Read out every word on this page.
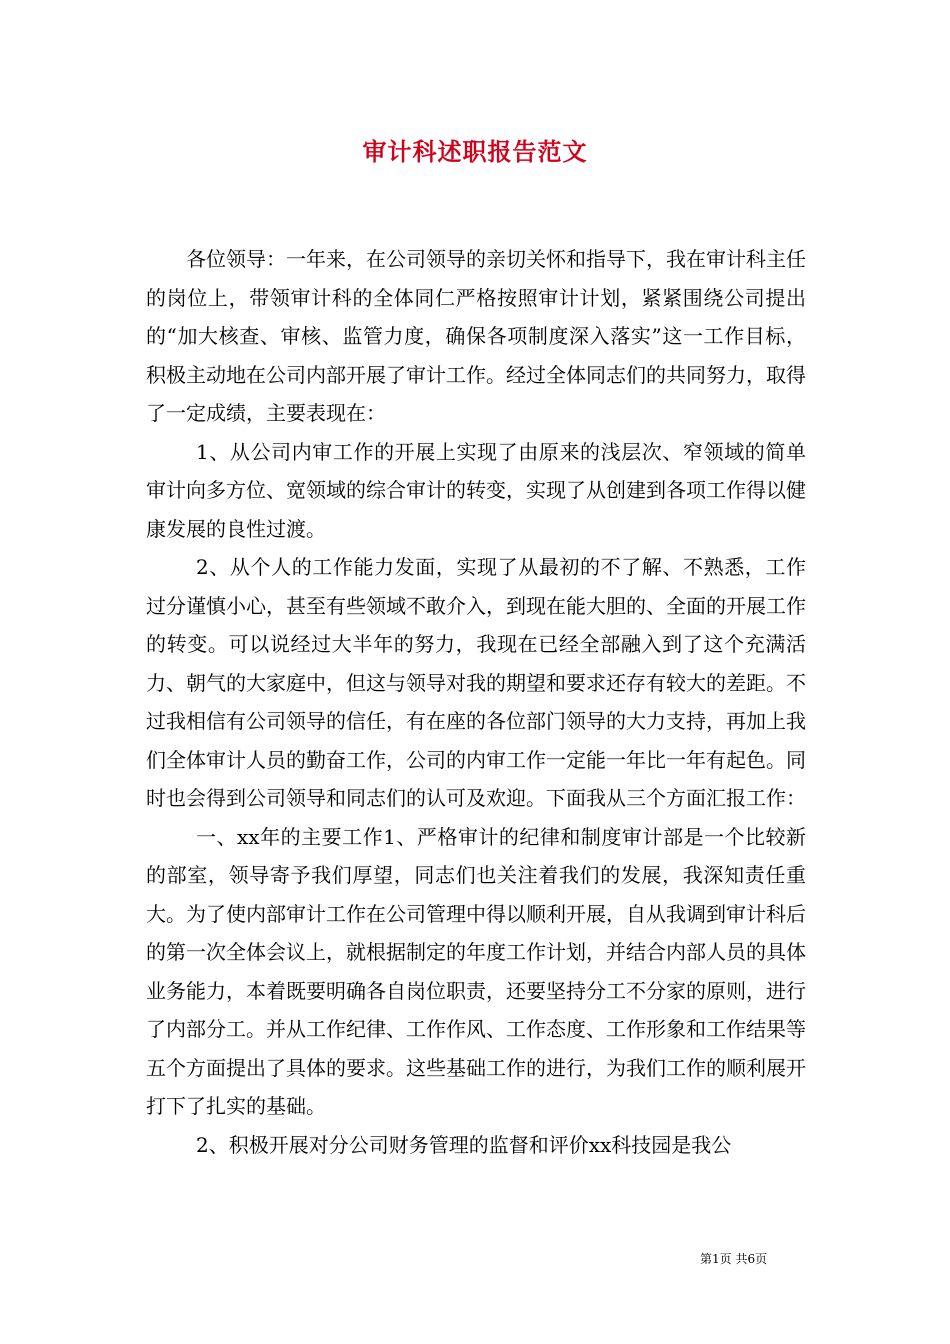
审计科述职报告范文

各位领导：一年来，在公司领导的亲切关怀和指导下，我在审计科主任的岗位上，带领审计科的全体同仁严格按照审计计划，紧紧围绕公司提出的“加大核查、审核、监管力度，确保各项制度深入落实”这一工作目标，积极主动地在公司内部开展了审计工作。经过全体同志们的共同努力，取得了一定成绩，主要表现在：

1、从公司内审工作的开展上实现了由原来的浅层次、窄领域的简单审计向多方位、宽领域的综合审计的转变，实现了从创建到各项工作得以健康发展的良性过渡。

2、从个人的工作能力发面，实现了从最初的不了解、不熟悉，工作过分谨慎小心，甚至有些领域不敢介入，到现在能大胆的、全面的开展工作的转变。可以说经过大半年的努力，我现在已经全部融入到了这个充满活力、朝气的大家庭中，但这与领导对我的期望和要求还存有较大的差距。不过我相信有公司领导的信任，有在座的各位部门领导的大力支持，再加上我们全体审计人员的勤奋工作，公司的内审工作一定能一年比一年有起色。同时也会得到公司领导和同志们的认可及欢迎。下面我从三个方面汇报工作：

一、xx年的主要工作1、严格审计的纪律和制度审计部是一个比较新的部室，领导寄予我们厚望，同志们也关注着我们的发展，我深知责任重大。为了使内部审计工作在公司管理中得以顺利开展，自从我调到审计科后的第一次全体会议上，就根据制定的年度工作计划，并结合内部人员的具体业务能力，本着既要明确各自岗位职责，还要坚持分工不分家的原则，进行了内部分工。并从工作纪律、工作作风、工作态度、工作形象和工作结果等五个方面提出了具体的要求。这些基础工作的进行，为我们工作的顺利展开打下了扎实的基础。

2、积极开展对分公司财务管理的监督和评价xx科技园是我公

第1页 共6页
